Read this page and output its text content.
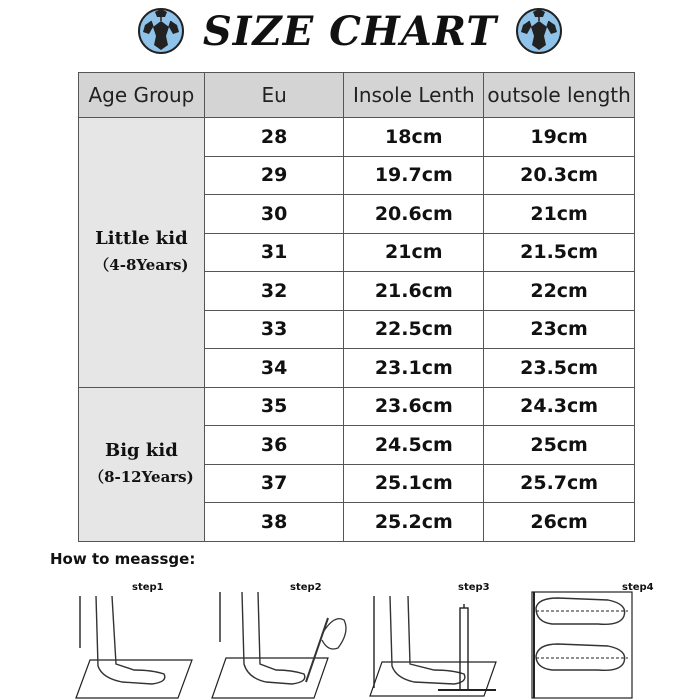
SIZE CHART
Age Group	Eu	Insole Lenth	outsole length

Little kid
（4-8Years)	28	18cm	19cm
	29	19.7cm	20.3cm
	30	20.6cm	21cm
	31	21cm	21.5cm
	32	21.6cm	22cm
	33	22.5cm	23cm
	34	23.1cm	23.5cm

Big kid
（8-12Years)	35	23.6cm	24.3cm
	36	24.5cm	25cm
	37	25.1cm	25.7cm
	38	25.2cm	26cm
How to meassge:
step1	step2	step3	step4
